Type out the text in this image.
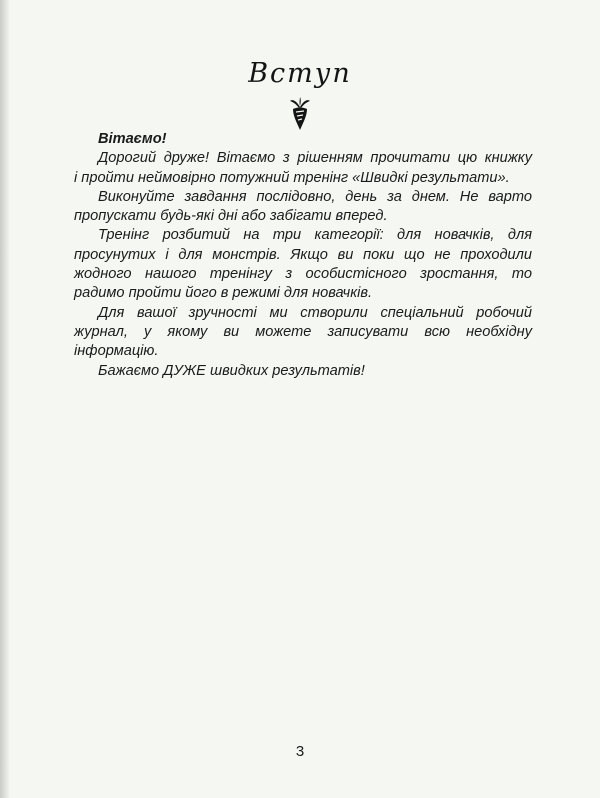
Вступ

Вітаємо!

Дорогий друже! Вітаємо з рішенням прочитати цю книжку
і пройти неймовірно потужний тренінг «Швидкі результати».
Виконуйте завдання послідовно, день за днем. Не варто
пропускати будь-які дні або забігати вперед.
Тренінг розбитий на три категорії: для новачків, для
просунутих і для монстрів. Якщо ви поки що не проходили
жодного нашого тренінгу з особистісного зростання, то
радимо пройти його в режимі для новачків.
Для вашої зручності ми створили спеціальний робочий
журнал, у якому ви можете записувати всю необхідну
інформацію.
Бажаємо ДУЖЕ швидких результатів!
3
